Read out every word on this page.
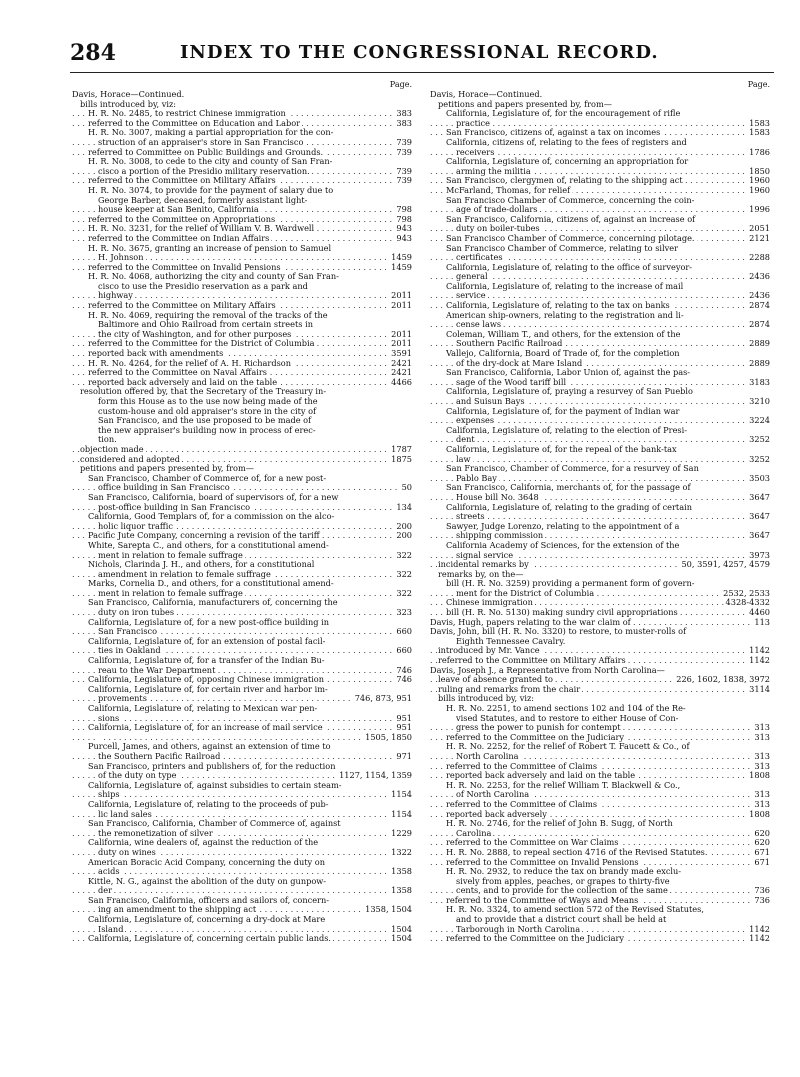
284	INDEX TO THE CONGRESSIONAL RECORD.
Page.
Davis, Horace—Continued.
bills introduced by, viz:
H. R. No. 2485, to restrict Chinese immigration	383
. . .
referred to the Committee on Education and Labor	383
. . .
H. R. No. 3007, making a partial appropriation for the con-
struction of an appraiser's store in San Francisco	739
. . .
referred to Committee on Public Buildings and Grounds.	739
. . .
H. R. No. 3008, to cede to the city and county of San Fran-
cisco a portion of the Presidio military reservation.	739
. . .
referred to the Committee on Military Affairs	739
. . .
H. R. No. 3074, to provide for the payment of salary due to
George Barber, deceased, formerly assistant light-
house keeper at San Benito, California	798
. . .
referred to the Committee on Appropriations	798
. . .
H. R. No. 3231, for the relief of William V. B. Wardwell	943
. . .
referred to the Committee on Indian Affairs	943
. . .
H. R. No. 3675, granting an increase of pension to Samuel
H. Johnson	1459
. . .
referred to the Committee on Invalid Pensions	1459
. . .
H. R. No. 4068, authorizing the city and county of San Fran-
cisco to use the Presidio reservation as a park and
highway	2011
. . .
referred to the Committee on Military Affairs	2011
. . .
H. R. No. 4069, requiring the removal of the tracks of the
Baltimore and Ohio Railroad from certain streets in
the city of Washington, and for other purposes	2011
. . .
referred to the Committee for the District of Columbia	2011
. . .
reported back with amendments	3591
. . .
H. R. No. 4264, for the relief of A. H. Richardson	2421
. . .
referred to the Committee on Naval Affairs	2421
. . .
reported back adversely and laid on the table	4466
. . .
resolution offered by, that the Secretary of the Treasury in-
form this House as to the use now being made of the
custom-house and old appraiser's store in the city of
San Francisco, and the use proposed to be made of
the new appraiser's building now in process of erec-
tion.
objection made	1787
. . .
considered and adopted	1875
. . .
petitions and papers presented by, from—
San Francisco, Chamber of Commerce of, for a new post-
office building in San Francisco	50
. . .
San Francisco, California, board of supervisors of, for a new
post-office building in San Francisco	134
. . .
California, Good Templars of, for a commission on the alco-
holic liquor traffic	200
. . .
Pacific Jute Company, concerning a revision of the tariff	200
. . .
White, Sarepta C., and others, for a constitutional amend-
ment in relation to female suffrage	322
. . .
Nichols, Clarinda J. H., and others, for a constitutional
amendment in relation to female suffrage	322
. . .
Marks, Cornelia D., and others, for a constitutional amend-
ment in relation to female suffrage	322
. . .
San Francisco, California, manufacturers of, concerning the
duty on iron tubes	323
. . .
California, Legislature of, for a new post-office building in
San Francisco	660
. . .
California, Legislature of, for an extension of postal facil-
ties in Oakland	660
. . .
California, Legislature of, for a transfer of the Indian Bu-
reau to the War Department	746
. . .
California, Legislature of, opposing Chinese immigration	746
. . .
California, Legislature of, for certain river and harbor im-
provements	746, 873, 951
. . .
California, Legislature of, relating to Mexican war pen-
sions	951
. . .
California, Legislature of, for an increase of mail service	951
. . .
1505, 1850
. . .
Purcell, James, and others, against an extension of time to
the Southern Pacific Railroad	971
. . .
San Francisco, printers and publishers of, for the reduction
of the duty on type	1127, 1154, 1359
. . .
California, Legislature of, against subsidies to certain steam-
ships	1154
. . .
California, Legislature of, relating to the proceeds of pub-
lic land sales	1154
. . .
San Francisco, California, Chamber of Commerce of, against
the remonetization of silver	1229
. . .
California, wine dealers of, against the reduction of the
duty on wines	1322
. . .
American Boracic Acid Company, concerning the duty on
acids	1358
. . .
Kittle, N. G., against the abolition of the duty on gunpow-
der	1358
. . .
San Francisco, California, officers and sailors of, concern-
ing an amendment to the shipping act	1358, 1504
. . .
California, Legislature of, concerning a dry-dock at Mare
Island	1504
. . .
California, Legislature of, concerning certain public lands.	1504
. . .
Page.
Davis, Horace—Continued.
petitions and papers presented by, from—
California, Legislature of, for the encouragement of rifle
practice	1583
. . .
San Francisco, citizens of, against a tax on incomes	1583
. . .
California, citizens of, relating to the fees of registers and
receivers	1786
. . .
California, Legislature of, concerning an appropriation for
arming the militia	1850
. . .
San Francisco, clergymen of, relating to the shipping act	1960
. . .
McFarland, Thomas, for relief	1960
. . .
San Francisco Chamber of Commerce, concerning the coin-
age of trade-dollars	1996
. . .
San Francisco, California, citizens of, against an increase of
duty on boiler-tubes	2051
. . .
San Francisco Chamber of Commerce, concerning pilotage.	2121
. . .
San Francisco Chamber of Commerce, relating to silver
certificates	2288
. . .
California, Legislature of, relating to the office of surveyor-
general	2436
. . .
California, Legislature of, relating to the increase of mail
service	2436
. . .
California, Legislature of, relating to the tax on banks	2874
. . .
American ship-owners, relating to the registration and li-
cense laws	2874
. . .
Coleman, William T., and others, for the extension of the
Southern Pacific Railroad	2889
. . .
Vallejo, California, Board of Trade of, for the completion
of the dry-dock at Mare Island	2889
. . .
San Francisco, California, Labor Union of, against the pas-
sage of the Wood tariff bill	3183
. . .
California, Legislature of, praying a resurvey of San Pueblo
and Suisun Bays	3210
. . .
California, Legislature of, for the payment of Indian war
expenses	3224
. . .
California, Legislature of, relating to the election of Presi-
dent	3252
. . .
California, Legislature of, for the repeal of the bank-tax
law	3252
. . .
San Francisco, Chamber of Commerce, for a resurvey of San
Pablo Bay	3503
. . .
San Francisco, California, merchants of, for the passage of
House bill No. 3648	3647
. . .
California, Legislature of, relating to the grading of certain
streets	3647
. . .
Sawyer, Judge Lorenzo, relating to the appointment of a
shipping commission	3647
. . .
California Academy of Sciences, for the extension of the
signal service	3973
. . .
incidental remarks by	50, 3591, 4257, 4579
. . .
remarks by, on the—
bill (H. R. No. 3259) providing a permanent form of govern-
ment for the District of Columbia	2532, 2533
. . .
Chinese immigration	4328-4332
. . .
bill (H. R. No. 5130) making sundry civil appropriations	4460
. . .
Davis, Hugh, papers relating to the war claim of	113
. . .
Davis, John, bill (H. R. No. 3320) to restore, to muster-rolls of
Eighth Tennessee Cavalry.
introduced by Mr. Vance	1142
. . .
referred to the Committee on Military Affairs	1142
. . .
Davis, Joseph J., a Representative from North Carolina—
leave of absence granted to	226, 1602, 1838, 3972
. . .
ruling and remarks from the chair	3114
. . .
bills introduced by, viz:
H. R. No. 2251, to amend sections 102 and 104 of the Re-
vised Statutes, and to restore to either House of Con-
gress the power to punish for contempt	313
. . .
referred to the Committee on the Judiciary	313
. . .
H. R. No. 2252, for the relief of Robert T. Faucett & Co., of
North Carolina	313
. . .
referred to the Committee of Claims	313
. . .
reported back adversely and laid on the table	1808
. . .
H. R. No. 2253, for the relief William T. Blackwell & Co.,
of North Carolina	313
. . .
referred to the Committee of Claims	313
. . .
reported back adversely	1808
. . .
H. R. No. 2746, for the relief of John B. Sugg, of North
Carolina	620
. . .
referred to the Committee on War Claims	620
. . .
H. R. No. 2888, to repeal section 4716 of the Revised Statutes.	671
. . .
referred to the Committee on Invalid Pensions	671
. . .
H. R. No. 2932, to reduce the tax on brandy made exclu-
sively from apples, peaches, or grapes to thirty-five
cents, and to provide for the collection of the same	736
. . .
referred to the Committee of Ways and Means	736
. . .
H. R. No. 3324, to amend section 572 of the Revised Statutes,
and to provide that a district court shall be held at
Tarborough in North Carolina	1142
. . .
referred to the Committee on the Judiciary	1142
. . .
